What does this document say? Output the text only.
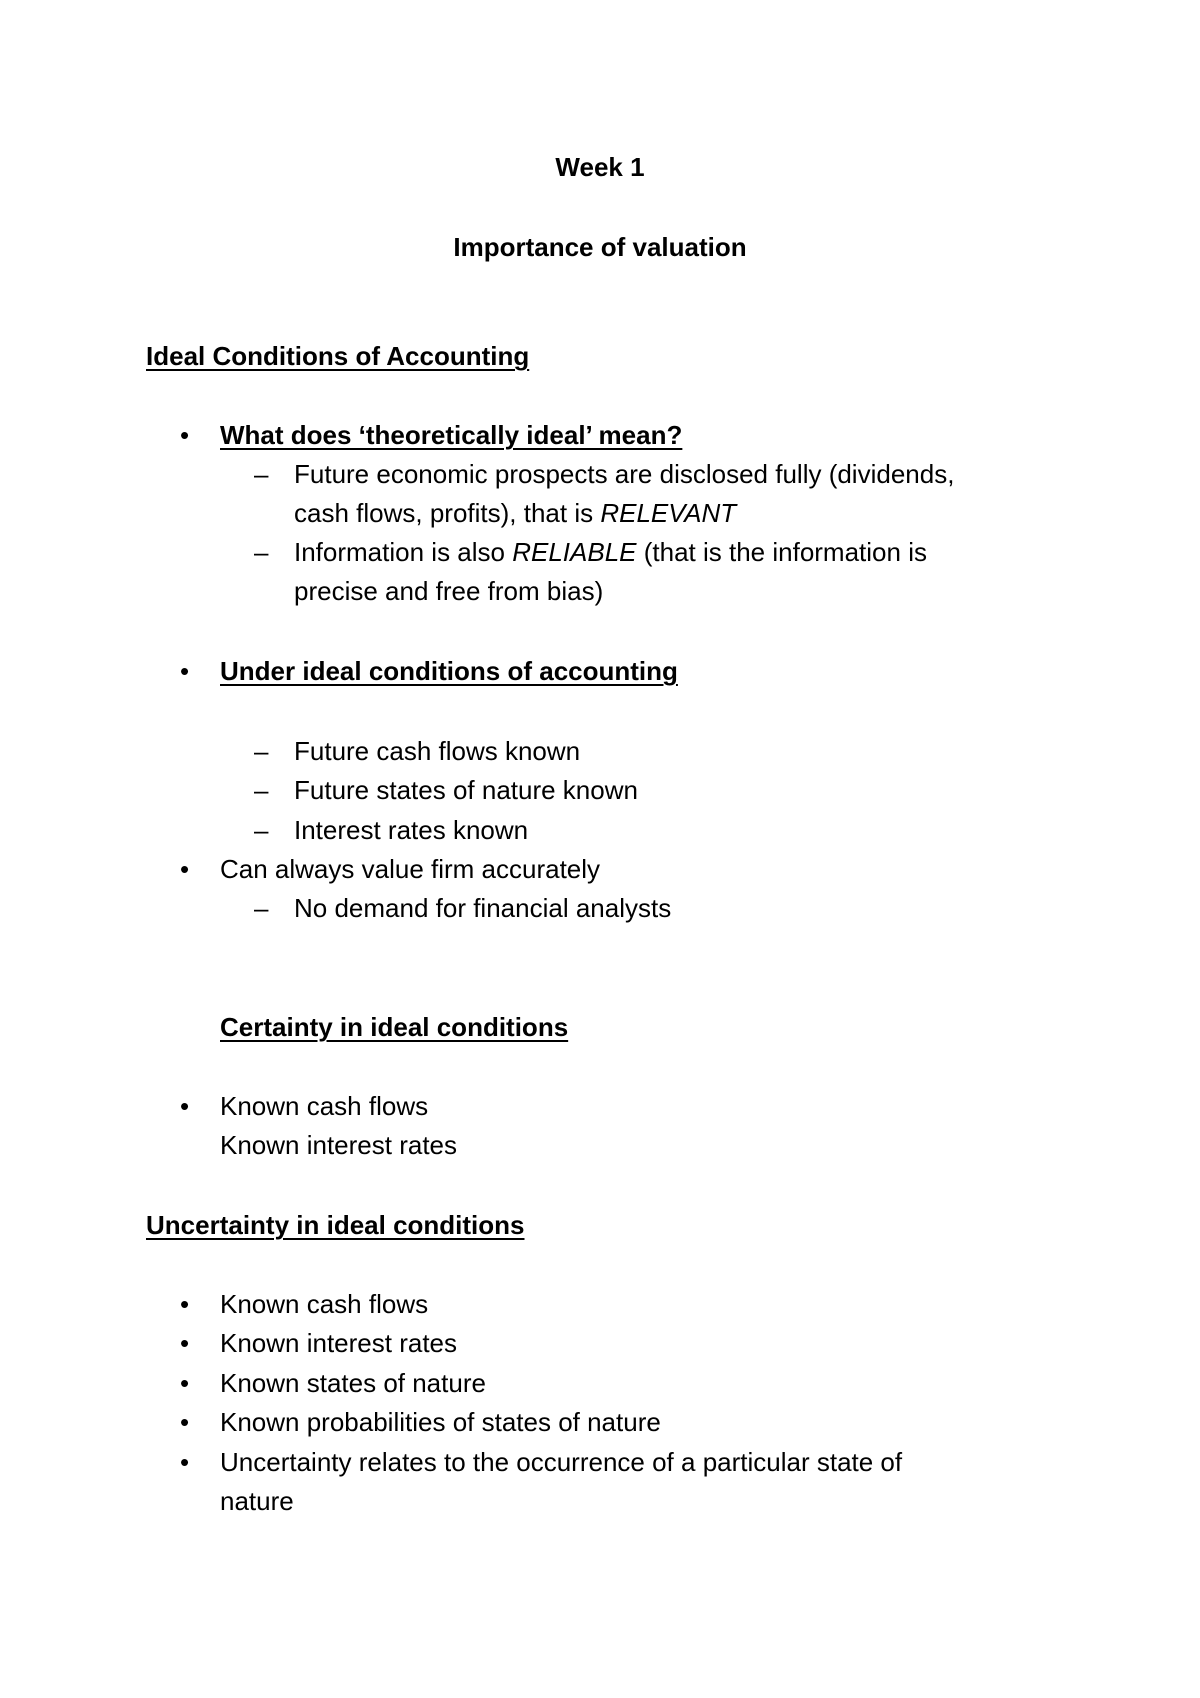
Week 1

Importance of valuation

Ideal Conditions of Accounting

• What does ‘theoretically ideal’ mean?

– Future economic prospects are disclosed fully (dividends,

cash flows, profits), that is RELEVANT

– Information is also RELIABLE (that is the information is

precise and free from bias)

• Under ideal conditions of accounting

– Future cash flows known

– Future states of nature known

– Interest rates known

• Can always value firm accurately

– No demand for financial analysts

Certainty in ideal conditions

• Known cash flows

Known interest rates

Uncertainty in ideal conditions

• Known cash flows

• Known interest rates

• Known states of nature

• Known probabilities of states of nature

• Uncertainty relates to the occurrence of a particular state of

nature
